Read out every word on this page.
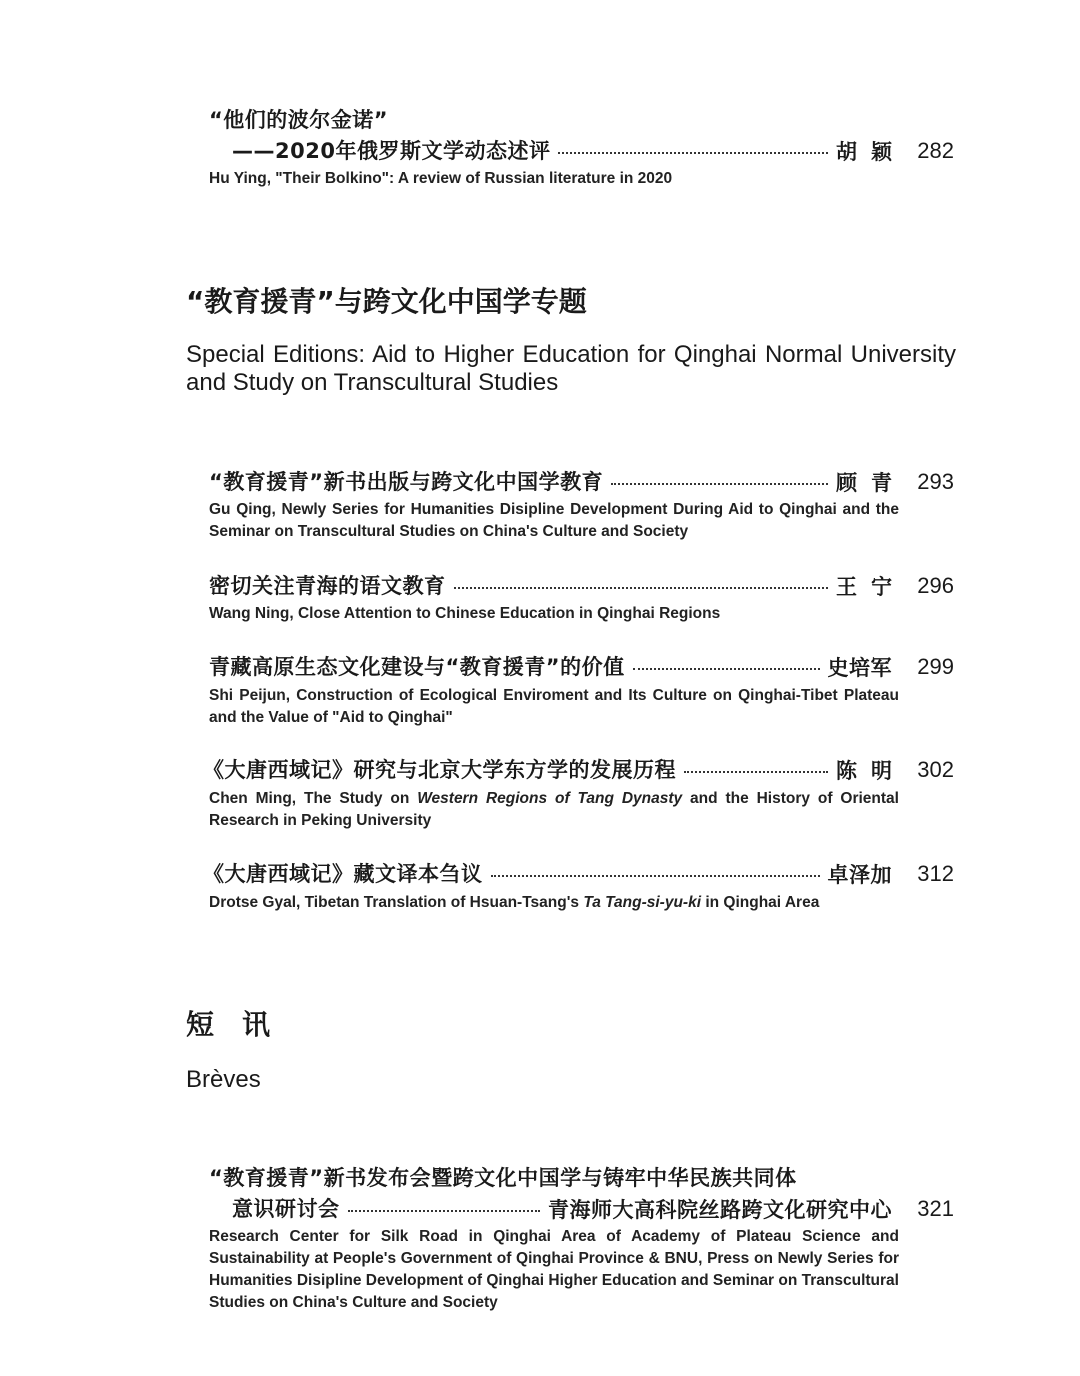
“他们的波尔金诺”
——2020年俄罗斯文学动态述评	胡颖 282
Hu Ying, "Their Bolkino": A review of Russian literature in 2020
“教育援青”与跨文化中国学专题
Special Editions: Aid to Higher Education for Qinghai Normal University and Study on Transcultural Studies
“教育援青”新书出版与跨文化中国学教育	顾青 293
Gu Qing, Newly Series for Humanities Disipline Development During Aid to Qinghai and the Seminar on Transcultural Studies on China's Culture and Society
密切关注青海的语文教育	王宁 296
Wang Ning, Close Attention to Chinese Education in Qinghai Regions
青藏高原生态文化建设与“教育援青”的价值	史培军 299
Shi Peijun, Construction of Ecological Enviroment and Its Culture on Qinghai-Tibet Plateau and the Value of "Aid to Qinghai"
《大唐西域记》研究与北京大学东方学的发展历程	陈明 302
Chen Ming, The Study on Western Regions of Tang Dynasty and the History of Oriental Research in Peking University
《大唐西域记》藏文译本刍议	卓泽加 312
Drotse Gyal, Tibetan Translation of Hsuan-Tsang's Ta Tang-si-yu-ki in Qinghai Area
短　讯
Brèves
“教育援青”新书发布会暨跨文化中国学与铸牢中华民族共同体
意识研讨会	青海师大高科院丝路跨文化研究中心 321
Research Center for Silk Road in Qinghai Area of Academy of Plateau Science and Sustainability at People's Government of Qinghai Province & BNU, Press on Newly Series for Humanities Disipline Development of Qinghai Higher Education and Seminar on Transcultural Studies on China's Culture and Society
